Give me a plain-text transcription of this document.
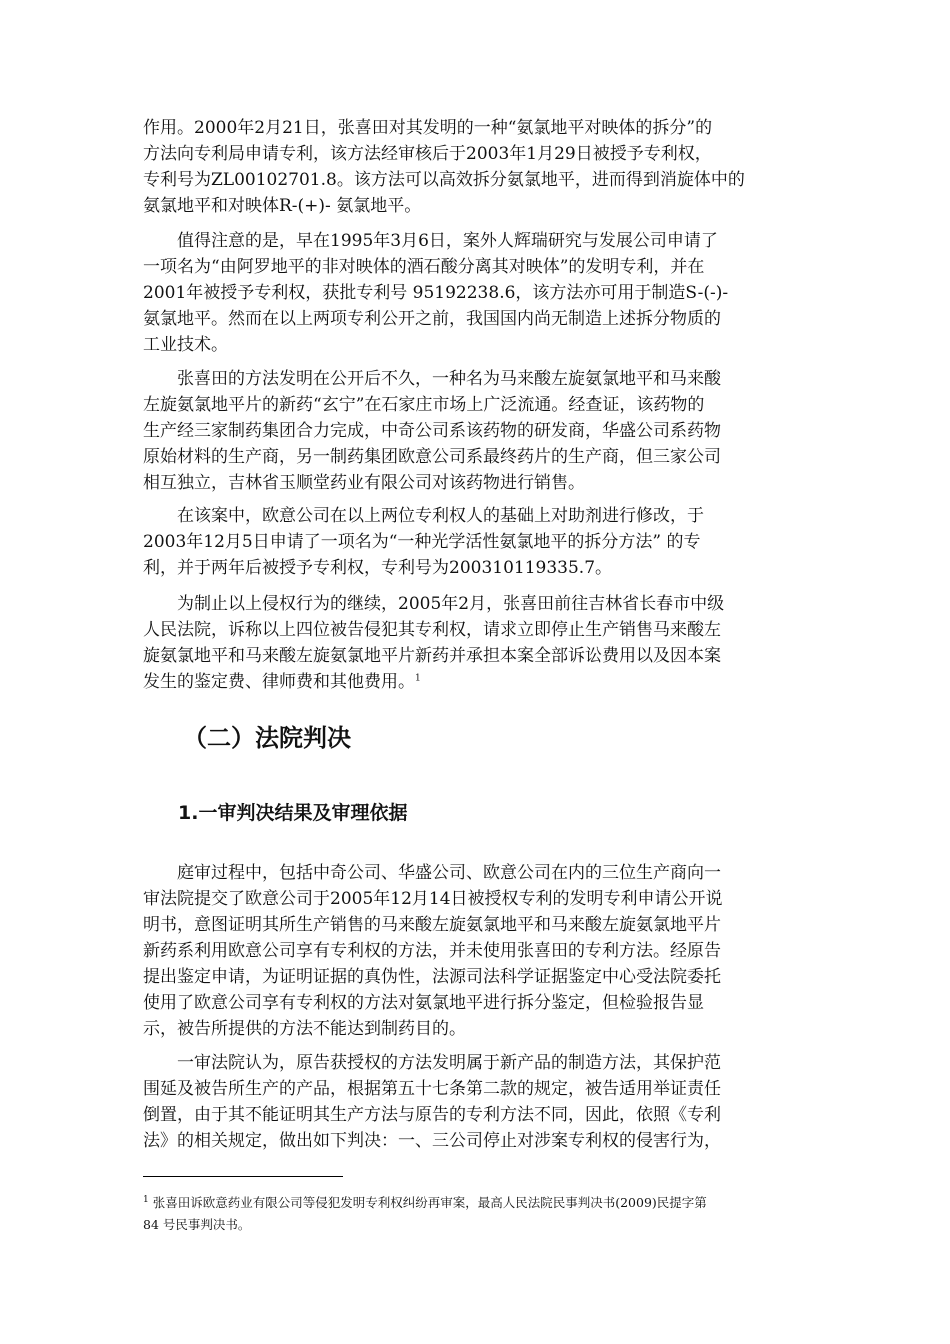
作用。2000年2月21日，张喜田对其发明的一种“氨氯地平对映体的拆分”的
方法向专利局申请专利，该方法经审核后于2003年1月29日被授予专利权，
专利号为ZL00102701.8。该方法可以高效拆分氨氯地平，进而得到消旋体中的
氨氯地平和对映体R-(+)- 氨氯地平。
　　值得注意的是，早在1995年3月6日，案外人辉瑞研究与发展公司申请了
一项名为“由阿罗地平的非对映体的酒石酸分离其对映体”的发明专利，并在
2001年被授予专利权，获批专利号 95192238.6，该方法亦可用于制造S-(-)-
氨氯地平。然而在以上两项专利公开之前，我国国内尚无制造上述拆分物质的
工业技术。
　　张喜田的方法发明在公开后不久，一种名为马来酸左旋氨氯地平和马来酸
左旋氨氯地平片的新药“玄宁”在石家庄市场上广泛流通。经查证，该药物的
生产经三家制药集团合力完成，中奇公司系该药物的研发商，华盛公司系药物
原始材料的生产商，另一制药集团欧意公司系最终药片的生产商，但三家公司
相互独立，吉林省玉顺堂药业有限公司对该药物进行销售。
　　在该案中，欧意公司在以上两位专利权人的基础上对助剂进行修改，于
2003年12月5日申请了一项名为“一种光学活性氨氯地平的拆分方法” 的专
利，并于两年后被授予专利权，专利号为200310119335.7。
　　为制止以上侵权行为的继续，2005年2月，张喜田前往吉林省长春市中级
人民法院，诉称以上四位被告侵犯其专利权，请求立即停止生产销售马来酸左
旋氨氯地平和马来酸左旋氨氯地平片新药并承担本案全部诉讼费用以及因本案
发生的鉴定费、律师费和其他费用。$^1$
（二）法院判决
1.一审判决结果及审理依据
　　庭审过程中，包括中奇公司、华盛公司、欧意公司在内的三位生产商向一
审法院提交了欧意公司于2005年12月14日被授权专利的发明专利申请公开说
明书，意图证明其所生产销售的马来酸左旋氨氯地平和马来酸左旋氨氯地平片
新药系利用欧意公司享有专利权的方法，并未使用张喜田的专利方法。经原告
提出鉴定申请，为证明证据的真伪性，法源司法科学证据鉴定中心受法院委托
使用了欧意公司享有专利权的方法对氨氯地平进行拆分鉴定，但检验报告显
示，被告所提供的方法不能达到制药目的。
　　一审法院认为，原告获授权的方法发明属于新产品的制造方法，其保护范
围延及被告所生产的产品，根据第五十七条第二款的规定，被告适用举证责任
倒置，由于其不能证明其生产方法与原告的专利方法不同，因此，依照《专利
法》的相关规定，做出如下判决：一、三公司停止对涉案专利权的侵害行为，
$^1$ 张喜田诉欧意药业有限公司等侵犯发明专利权纠纷再审案，最高人民法院民事判决书(2009)民提字第
84 号民事判决书。
